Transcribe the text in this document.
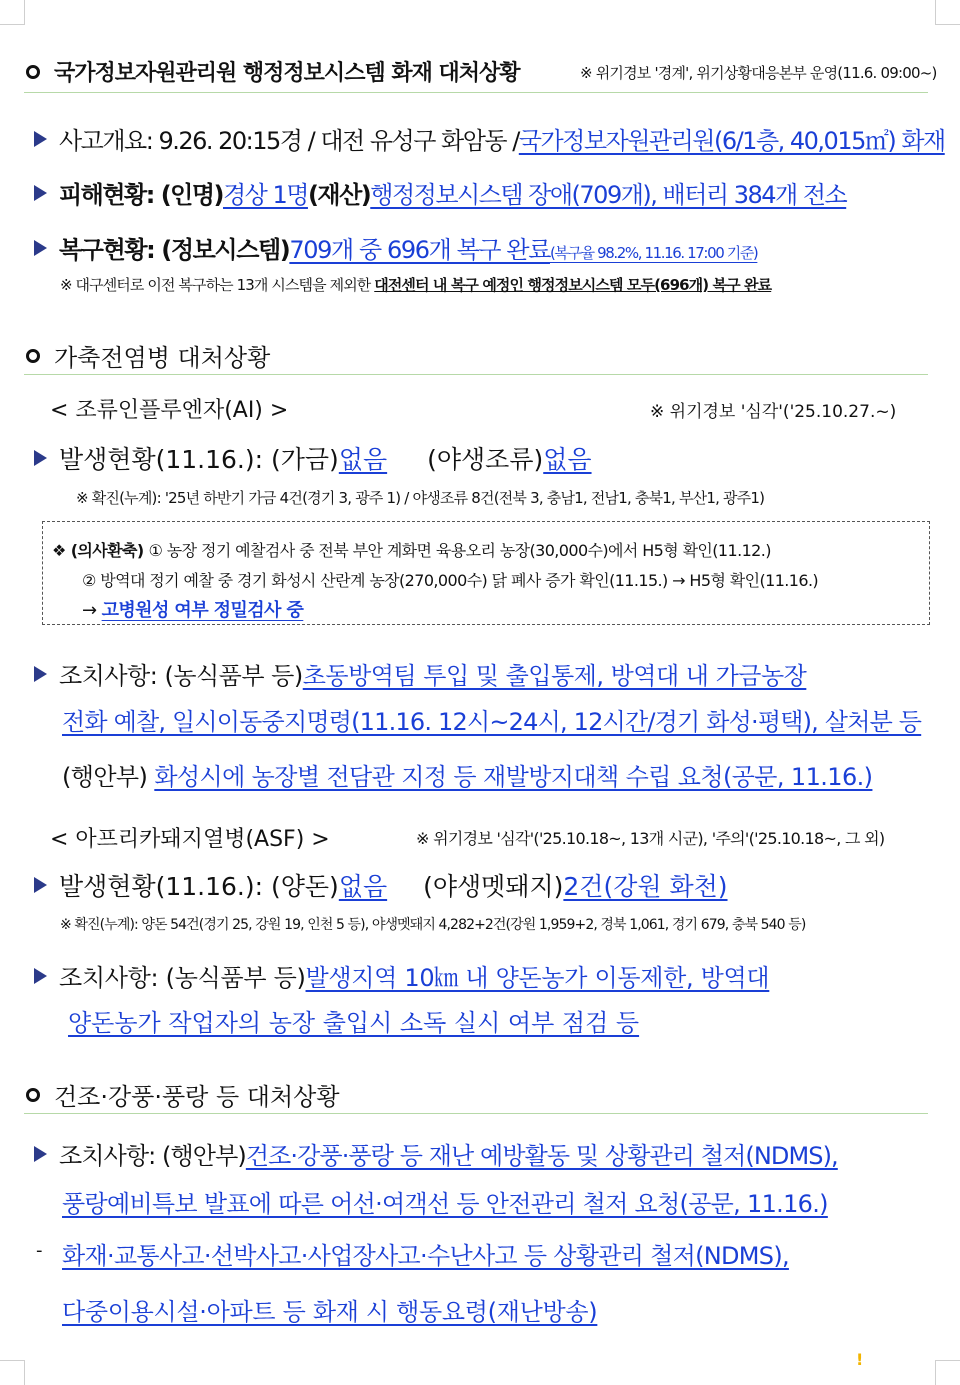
국가정보자원관리원 행정정보시스템 화재 대처상황	※ 위기경보 '경계', 위기상황대응본부 운영(11.6. 09:00~)
사고개요: 9.26. 20:15경 / 대전 유성구 화암동 / 국가정보자원관리원(6/1층, 40,015㎡) 화재
피해현황: (인명) 경상 1명 (재산) 행정정보시스템 장애(709개), 배터리 384개 전소
복구현황: (정보시스템) 709개 중 696개 복구 완료 (복구율 98.2%, 11.16. 17:00 기준)
※ 대구센터로 이전 복구하는 13개 시스템을 제외한 대전센터 내 복구 예정인 행정정보시스템 모두(696개) 복구 완료
가축전염병 대처상황
< 조류인플루엔자(AI) >	※ 위기경보 '심각'('25.10.27.~)
발생현황(11.16.): (가금) 없음 (야생조류) 없음
※ 확진(누계): '25년 하반기 가금 4건(경기 3, 광주 1) / 야생조류 8건(전북 3, 충남1, 전남1, 충북1, 부산1, 광주1)
❖ (의사환축) ① 농장 정기 예찰검사 중 전북 부안 계화면 육용오리 농장(30,000수)에서 H5형 확인(11.12.)
② 방역대 정기 예찰 중 경기 화성시 산란계 농장(270,000수) 닭 폐사 증가 확인(11.15.) → H5형 확인(11.16.)
→ 고병원성 여부 정밀검사 중
조치사항: (농식품부 등) 초동방역팀 투입 및 출입통제, 방역대 내 가금농장
전화 예찰, 일시이동중지명령(11.16. 12시~24시, 12시간/경기 화성·평택), 살처분 등
(행안부) 화성시에 농장별 전담관 지정 등 재발방지대책 수립 요청(공문, 11.16.)
< 아프리카돼지열병(ASF) >	※ 위기경보 '심각'('25.10.18~, 13개 시군), '주의'('25.10.18~, 그 외)
발생현황(11.16.): (양돈) 없음 (야생멧돼지) 2건(강원 화천)
※ 확진(누계): 양돈 54건(경기 25, 강원 19, 인천 5 등), 야생멧돼지 4,282+2건(강원 1,959+2, 경북 1,061, 경기 679, 충북 540 등)
조치사항: (농식품부 등) 발생지역 10㎞ 내 양돈농가 이동제한, 방역대
양돈농가 작업자의 농장 출입시 소독 실시 여부 점검 등
건조·강풍·풍랑 등 대처상황
조치사항: (행안부) 건조·강풍·풍랑 등 재난 예방활동 및 상황관리 철저(NDMS),
풍랑예비특보 발표에 따른 어선·여객선 등 안전관리 철저 요청(공문, 11.16.)
- 화재·교통사고·선박사고·사업장사고·수난사고 등 상황관리 철저(NDMS),
다중이용시설·아파트 등 화재 시 행동요령(재난방송)
!
